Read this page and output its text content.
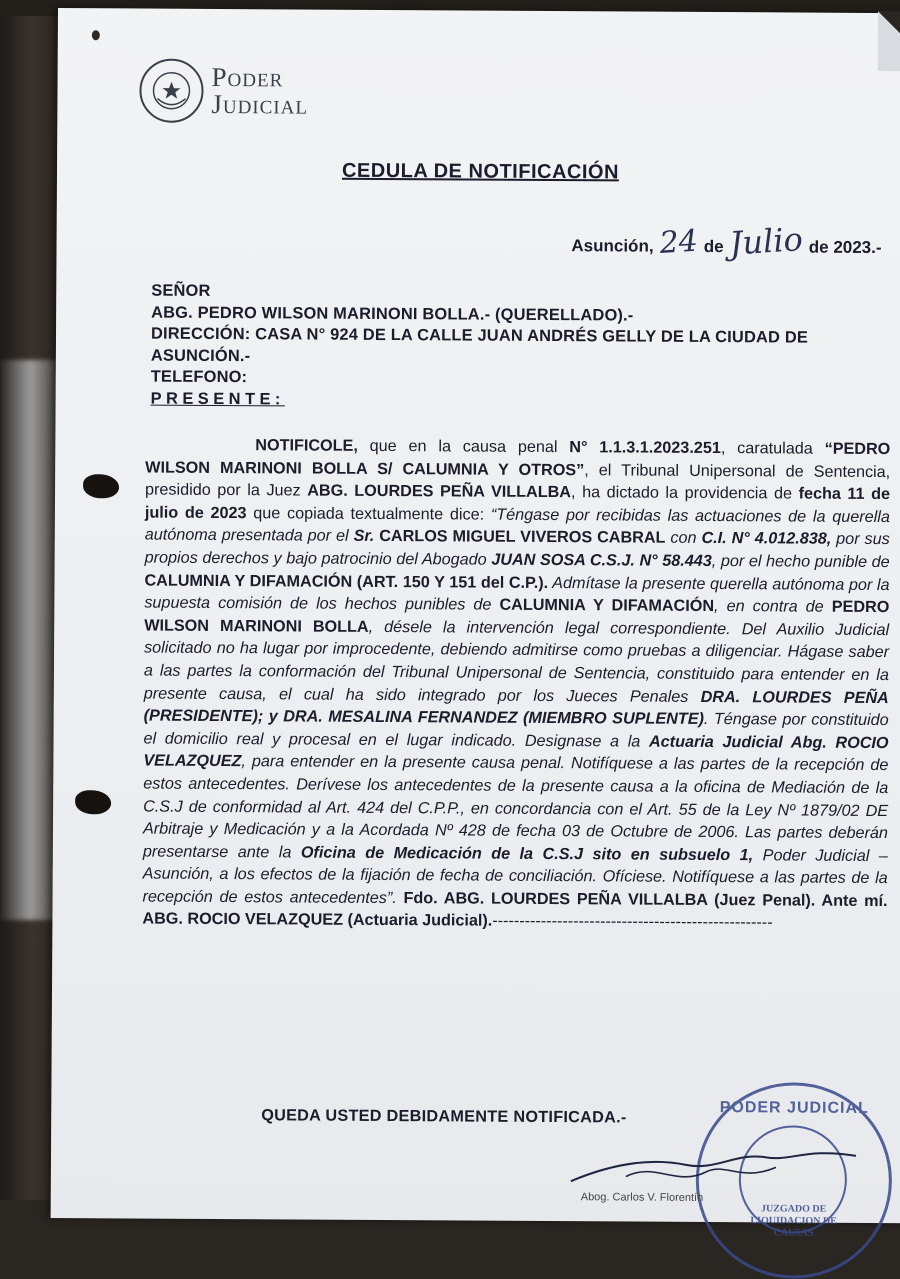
Poder
Judicial
CEDULA DE NOTIFICACIÓN
Asunción, 24 de Julio de 2023.-
SEÑOR
ABG. PEDRO WILSON MARINONI BOLLA.- (QUERELLADO).-
DIRECCIÓN: CASA N° 924 DE LA CALLE JUAN ANDRÉS GELLY DE LA CIUDAD DE ASUNCIÓN.-
TELEFONO:
PRESENTE:
NOTIFICOLE, que en la causa penal N° 1.1.3.1.2023.251, caratulada “PEDRO WILSON MARINONI BOLLA S/ CALUMNIA Y OTROS”, el Tribunal Unipersonal de Sentencia, presidido por la Juez ABG. LOURDES PEÑA VILLALBA, ha dictado la providencia de fecha 11 de julio de 2023 que copiada textualmente dice: “Téngase por recibidas las actuaciones de la querella autónoma presentada por el Sr. CARLOS MIGUEL VIVEROS CABRAL con C.I. N° 4.012.838, por sus propios derechos y bajo patrocinio del Abogado JUAN SOSA C.S.J. N° 58.443, por el hecho punible de CALUMNIA Y DIFAMACIÓN (ART. 150 Y 151 del C.P.). Admítase la presente querella autónoma por la supuesta comisión de los hechos punibles de CALUMNIA Y DIFAMACIÓN, en contra de PEDRO WILSON MARINONI BOLLA, désele la intervención legal correspondiente. Del Auxilio Judicial solicitado no ha lugar por improcedente, debiendo admitirse como pruebas a diligenciar. Hágase saber a las partes la conformación del Tribunal Unipersonal de Sentencia, constituido para entender en la presente causa, el cual ha sido integrado por los Jueces Penales DRA. LOURDES PEÑA (PRESIDENTE); y DRA. MESALINA FERNANDEZ (MIEMBRO SUPLENTE). Téngase por constituido el domicilio real y procesal en el lugar indicado. Designase a la Actuaria Judicial Abg. ROCIO VELAZQUEZ, para entender en la presente causa penal. Notifíquese a las partes de la recepción de estos antecedentes. Derívese los antecedentes de la presente causa a la oficina de Mediación de la C.S.J de conformidad al Art. 424 del C.P.P., en concordancia con el Art. 55 de la Ley Nº 1879/02 DE Arbitraje y Medicación y a la Acordada Nº 428 de fecha 03 de Octubre de 2006. Las partes deberán presentarse ante la Oficina de Medicación de la C.S.J sito en subsuelo 1, Poder Judicial – Asunción, a los efectos de la fijación de fecha de conciliación. Ofíciese. Notifíquese a las partes de la recepción de estos antecedentes”. Fdo. ABG. LOURDES PEÑA VILLALBA (Juez Penal). Ante mí. ABG. ROCIO VELAZQUEZ (Actuaria Judicial).----------------------------------------------------
QUEDA USTED DEBIDAMENTE NOTIFICADA.-	PODER JUDICIAL
JUZGADO DE LIQUIDACION DE CAUSAS
Abog. Carlos V. Florentín
